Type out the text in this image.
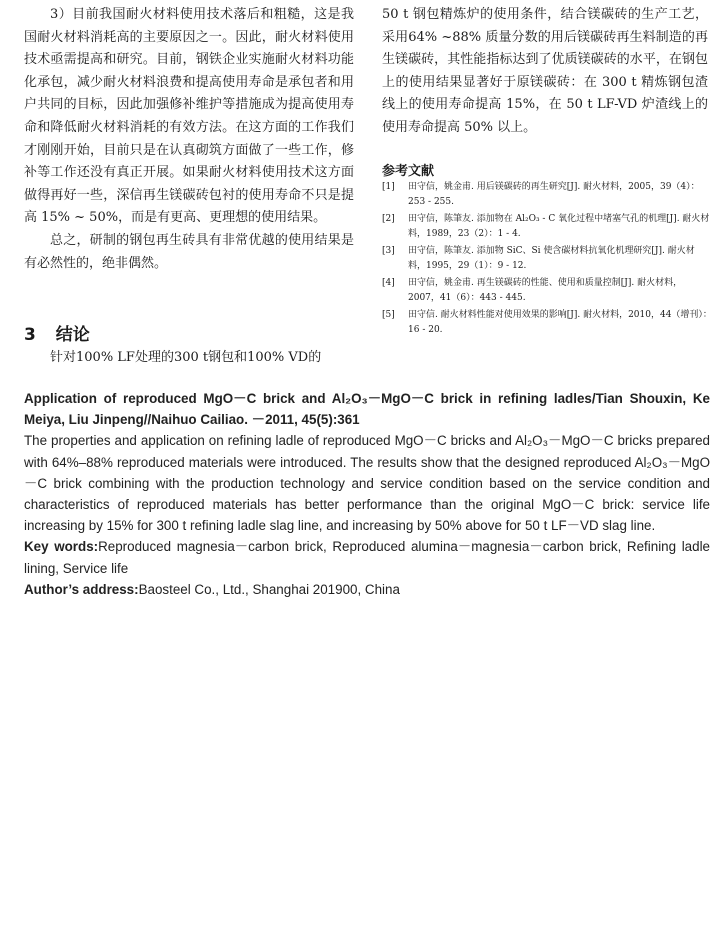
3）目前我国耐火材料使用技术落后和粗糙，这是我国耐火材料消耗高的主要原因之一。因此，耐火材料使用技术亟需提高和研究。目前，钢铁企业实施耐火材料功能化承包，减少耐火材料浪费和提高使用寿命是承包者和用户共同的目标，因此加强修补维护等措施成为提高使用寿命和降低耐火材料消耗的有效方法。在这方面的工作我们才刚刚开始，目前只是在认真砌筑方面做了一些工作，修补等工作还没有真正开展。如果耐火材料使用技术这方面做得再好一些，深信再生镁碳砖包衬的使用寿命不只是提高 15% ~ 50%，而是有更高、更理想的使用结果。

总之，研制的钢包再生砖具有非常优越的使用结果是有必然性的，绝非偶然。

3 结论
针对100% LF处理的300 t钢包和100% VD的

50 t 钢包精炼炉的使用条件，结合镁碳砖的生产工艺，采用64% ~88% 质量分数的用后镁碳砖再生料制造的再生镁碳砖，其性能指标达到了优质镁碳砖的水平，在钢包上的使用结果显著好于原镁碳砖：在 300 t 精炼钢包渣线上的使用寿命提高 15%，在 50 t LF-VD 炉渣线上的使用寿命提高 50% 以上。

参考文献
[1]	田守信，姚金甫. 用后镁碳砖的再生研究[J]. 耐火材料，2005，39（4）：253 - 255.
[2]	田守信，陈筆友. 添加物在 Al₂O₃ - C 氧化过程中堵塞气孔的机理[J]. 耐火材料，1989，23（2）：1 - 4.
[3]	田守信，陈筆友. 添加物 SiC、Si 使含碳材料抗氧化机理研究[J]. 耐火材料，1995，29（1）：9 - 12.
[4]	田守信，姚金甫. 再生镁碳砖的性能、使用和质量控制[J]. 耐火材料，2007，41（6）：443 - 445.
[5]	田守信. 耐火材料性能对使用效果的影响[J]. 耐火材料，2010，44（增刊）：16 - 20.

Application of reproduced MgO－C brick and Al₂O₃－MgO－C brick in refining ladles/Tian Shouxin, Ke Meiya, Liu Jinpeng//Naihuo Cailiao. －2011, 45(5):361

The properties and application on refining ladle of reproduced MgO－C bricks and Al₂O₃－MgO－C bricks prepared with 64%–88% reproduced materials were introduced. The results show that the designed reproduced Al₂O₃－MgO－C brick combining with the production technology and service condition based on the service condition and characteristics of reproduced materials has better performance than the original MgO－C brick: service life increasing by 15% for 300 t refining ladle slag line, and increasing by 50% above for 50 t LF－VD slag line.

Key words:Reproduced magnesia－carbon brick, Reproduced alumina－magnesia－carbon brick, Refining ladle lining, Service life

Author’s address:Baosteel Co., Ltd., Shanghai 201900, China
